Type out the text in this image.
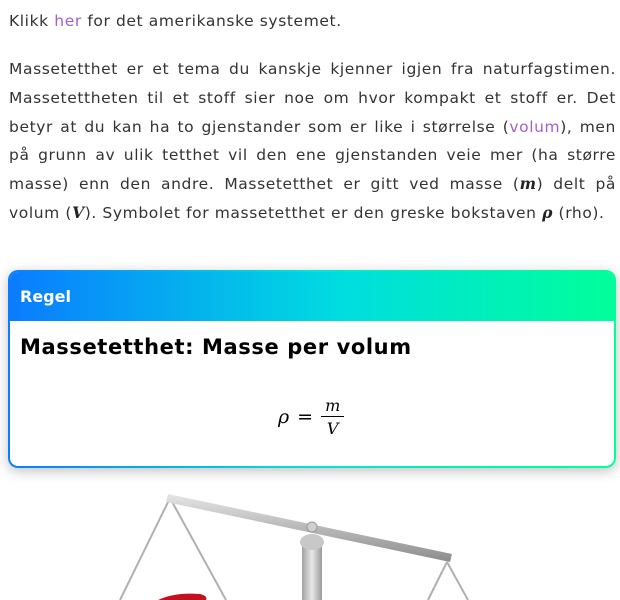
Klikk her for det amerikanske systemet.

Massetetthet er et tema du kanskje kjenner igjen fra naturfagstimen. Massetettheten til et stoff sier noe om hvor kompakt et stoff er. Det betyr at du kan ha to gjenstander som er like i størrelse (volum), men på grunn av ulik tetthet vil den ene gjenstanden veie mer (ha større masse) enn den andre. Massetetthet er gitt ved masse (m) delt på volum (V). Symbolet for massetetthet er den greske bokstaven ρ (rho).

Regel
Massetetthet: Masse per volum
$\rho = \frac{m}{V}$
